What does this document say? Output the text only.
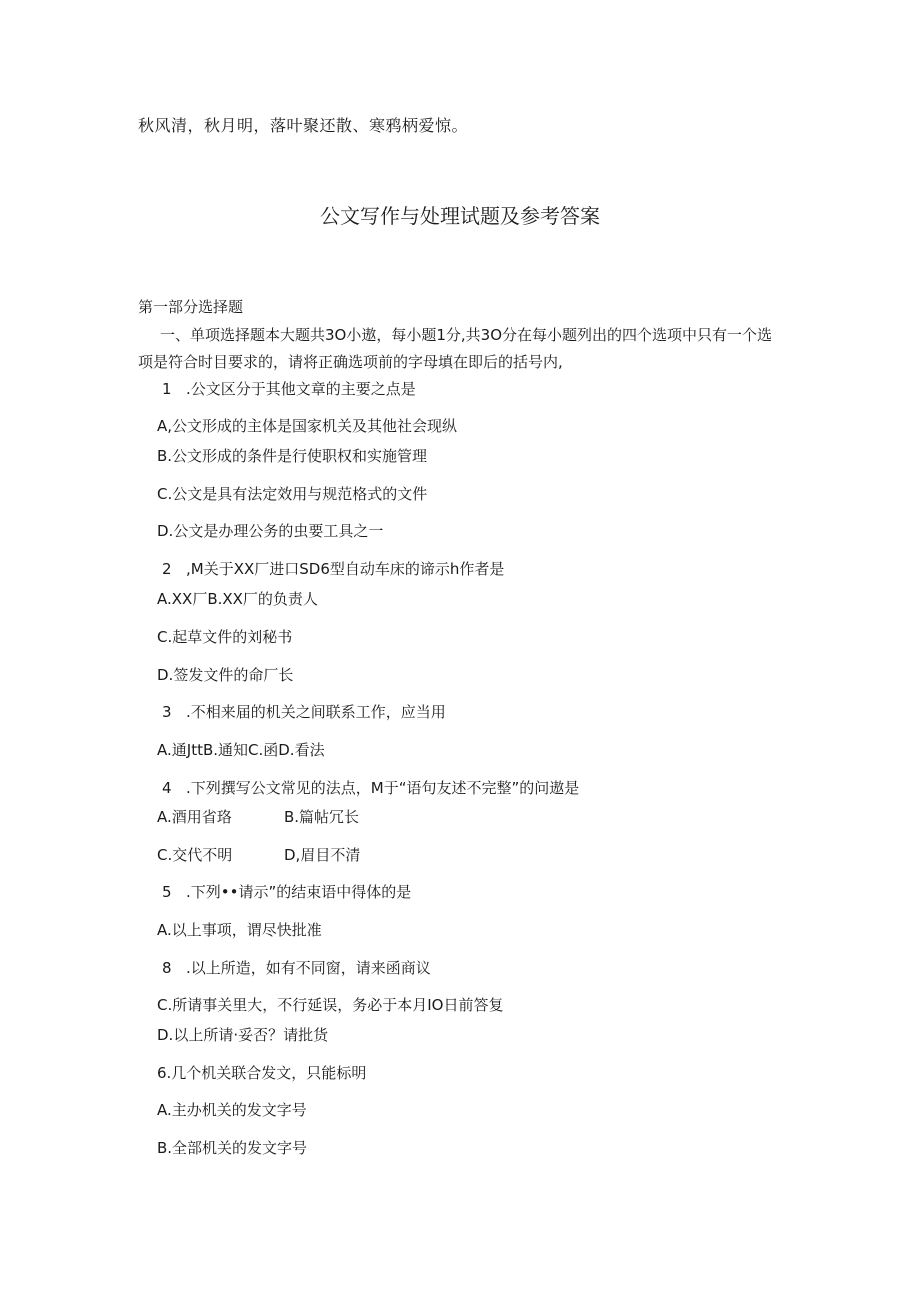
秋风清，秋月明，落叶聚还散、寒鸦柄爱惊。
公文写作与处理试题及参考答案
第一部分选择题
一、单项选择题本大题共3O小遨，每小题1分,共3O分在每小题列出的四个选项中只有一个选
项是符合时目要求的，请将正确选项前的字母填在即后的括号内,
1 .公文区分于其他文章的主要之点是
A,公文形成的主体是国家机关及其他社会现纵
B.公文形成的条件是行使职权和实施管理
C.公文是具有法定效用与规范格式的文件
D.公文是办理公务的虫要工具之一
2 ,M关于XX厂进口SD6型自动车床的谛示h作者是
A.XX厂B.XX厂的负责人
C.起草文件的刘秘书
D.签发文件的命厂长
3 .不相来届的机关之间联系工作，应当用
A.通JttB.通知C.函D.看法
4 .下列撰写公文常见的法点，M于“语句友述不完整”的问遨是
A.酒用省珞	B.篇帖冗长
C.交代不明	D,眉目不清
5 .下列••请示”的结束语中得体的是
A.以上事项，谓尽快批准
8 .以上所造，如有不同窗，请来函商议
C.所请事关里大，不行延误，务必于本月IO日前答复
D.以上所请·妥否？请批货
6.几个机关联合发文，只能标明
A.主办机关的发文字号
B.全部机关的发文字号
